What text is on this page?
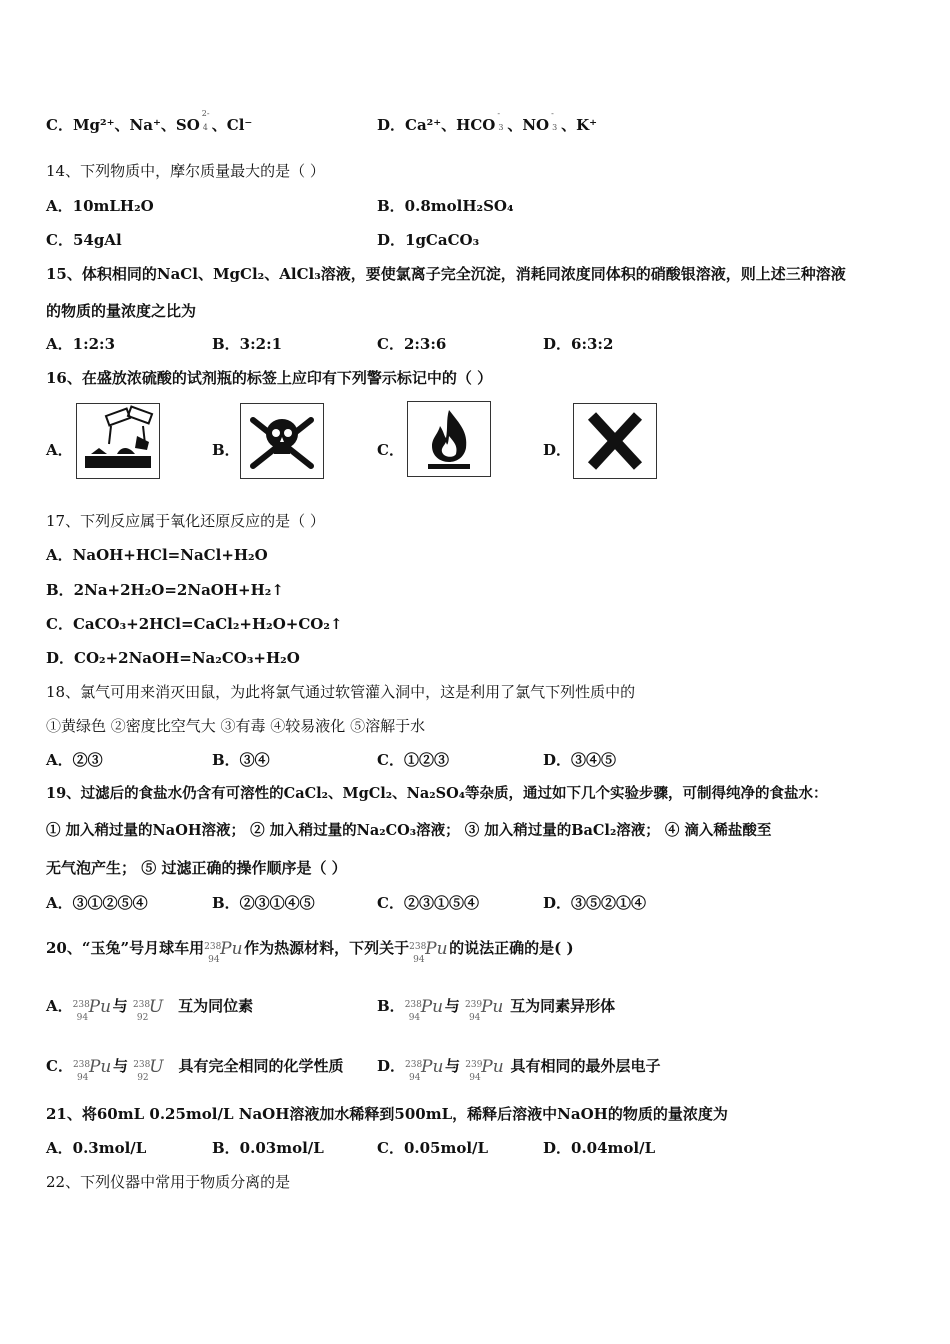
C．Mg²⁺、Na⁺、SO
2-
4 、Cl⁻	D．Ca²⁺、HCO
-
3 、NO
-
3 、K⁺
14、下列物质中，摩尔质量最大的是（ ）
A．10mLH₂O	B．0.8molH₂SO₄
C．54gAl	D．1gCaCO₃
15、体积相同的NaCl、MgCl₂、AlCl₃溶液，要使氯离子完全沉淀，消耗同浓度同体积的硝酸银溶液，则上述三种溶液
的物质的量浓度之比为
A．1:2:3	B．3:2:1	C．2:3:6	D．6:3:2
16、在盛放浓硫酸的试剂瓶的标签上应印有下列警示标记中的（ ）
A．	B．	C．	D．
17、下列反应属于氧化还原反应的是（ ）
A．NaOH+HCl=NaCl+H₂O
B．2Na+2H₂O=2NaOH+H₂↑
C．CaCO₃+2HCl=CaCl₂+H₂O+CO₂↑
D．CO₂+2NaOH=Na₂CO₃+H₂O
18、氯气可用来消灭田鼠，为此将氯气通过软管灌入洞中，这是利用了氯气下列性质中的
①黄绿色 ②密度比空气大 ③有毒 ④较易液化 ⑤溶解于水
A．②③	B．③④	C．①②③	D．③④⑤
19、过滤后的食盐水仍含有可溶性的CaCl₂、MgCl₂、Na₂SO₄等杂质，通过如下几个实验步骤，可制得纯净的食盐水：
① 加入稍过量的NaOH溶液； ② 加入稍过量的Na₂CO₃溶液； ③ 加入稍过量的BaCl₂溶液； ④ 滴入稀盐酸至
无气泡产生； ⑤ 过滤正确的操作顺序是（ ）
A．③①②⑤④	B．②③①④⑤	C．②③①⑤④	D．③⑤②①④
20、“玉兔”号月球车用 238
94
Pu 作为热源材料，下列关于 238
94
Pu 的说法正确的是( )
A． 238
94
Pu 与 238
92
U 互为同位素	B． 238
94
Pu 与 239
94
Pu 互为同素异形体
C． 238
94
Pu 与 238
92
U 具有完全相同的化学性质 D． 238
94
Pu 与 239
94
Pu 具有相同的最外层电子
21、将60mL 0.25mol/L NaOH溶液加水稀释到500mL，稀释后溶液中NaOH的物质的量浓度为
A．0.3mol/L	B．0.03mol/L	C．0.05mol/L	D．0.04mol/L
22、下列仪器中常用于物质分离的是
